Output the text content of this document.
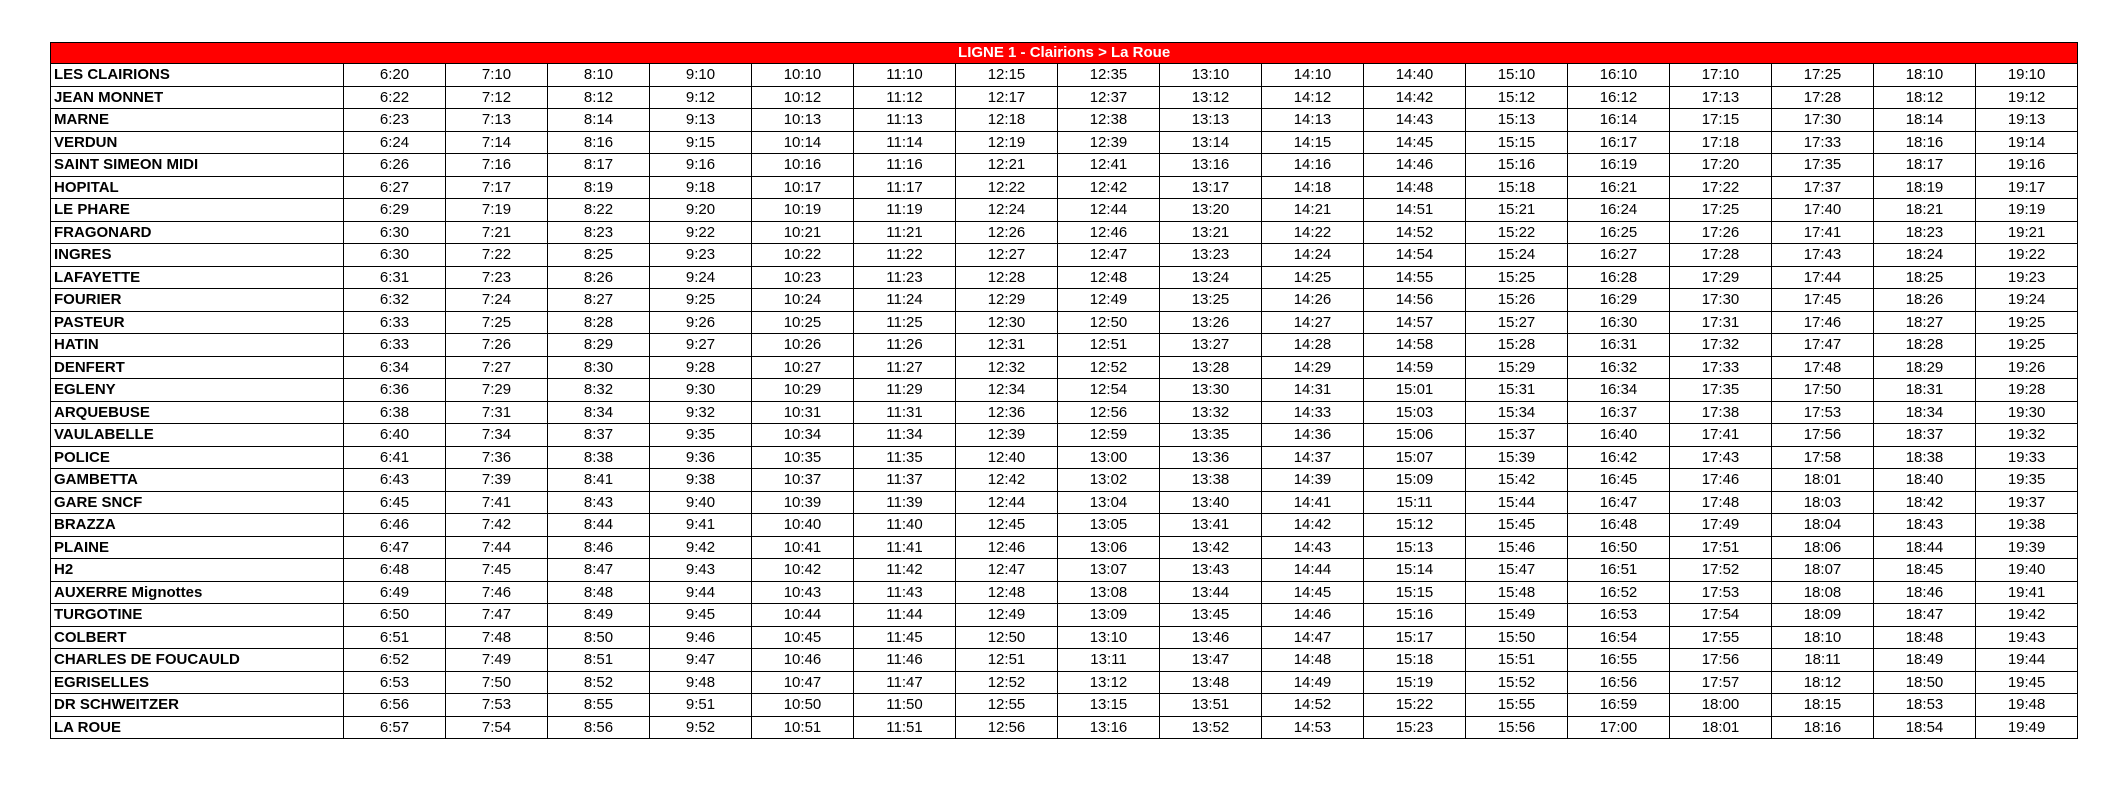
LIGNE 1 - Clairions > La Roue																	
LES CLAIRIONS	6:20	7:10	8:10	9:10	10:10	11:10	12:15	12:35	13:10	14:10	14:40	15:10	16:10	17:10	17:25	18:10	19:10
JEAN MONNET	6:22	7:12	8:12	9:12	10:12	11:12	12:17	12:37	13:12	14:12	14:42	15:12	16:12	17:13	17:28	18:12	19:12
MARNE	6:23	7:13	8:14	9:13	10:13	11:13	12:18	12:38	13:13	14:13	14:43	15:13	16:14	17:15	17:30	18:14	19:13
VERDUN	6:24	7:14	8:16	9:15	10:14	11:14	12:19	12:39	13:14	14:15	14:45	15:15	16:17	17:18	17:33	18:16	19:14
SAINT SIMEON MIDI	6:26	7:16	8:17	9:16	10:16	11:16	12:21	12:41	13:16	14:16	14:46	15:16	16:19	17:20	17:35	18:17	19:16
HOPITAL	6:27	7:17	8:19	9:18	10:17	11:17	12:22	12:42	13:17	14:18	14:48	15:18	16:21	17:22	17:37	18:19	19:17
LE PHARE	6:29	7:19	8:22	9:20	10:19	11:19	12:24	12:44	13:20	14:21	14:51	15:21	16:24	17:25	17:40	18:21	19:19
FRAGONARD	6:30	7:21	8:23	9:22	10:21	11:21	12:26	12:46	13:21	14:22	14:52	15:22	16:25	17:26	17:41	18:23	19:21
INGRES	6:30	7:22	8:25	9:23	10:22	11:22	12:27	12:47	13:23	14:24	14:54	15:24	16:27	17:28	17:43	18:24	19:22
LAFAYETTE	6:31	7:23	8:26	9:24	10:23	11:23	12:28	12:48	13:24	14:25	14:55	15:25	16:28	17:29	17:44	18:25	19:23
FOURIER	6:32	7:24	8:27	9:25	10:24	11:24	12:29	12:49	13:25	14:26	14:56	15:26	16:29	17:30	17:45	18:26	19:24
PASTEUR	6:33	7:25	8:28	9:26	10:25	11:25	12:30	12:50	13:26	14:27	14:57	15:27	16:30	17:31	17:46	18:27	19:25
HATIN	6:33	7:26	8:29	9:27	10:26	11:26	12:31	12:51	13:27	14:28	14:58	15:28	16:31	17:32	17:47	18:28	19:25
DENFERT	6:34	7:27	8:30	9:28	10:27	11:27	12:32	12:52	13:28	14:29	14:59	15:29	16:32	17:33	17:48	18:29	19:26
EGLENY	6:36	7:29	8:32	9:30	10:29	11:29	12:34	12:54	13:30	14:31	15:01	15:31	16:34	17:35	17:50	18:31	19:28
ARQUEBUSE	6:38	7:31	8:34	9:32	10:31	11:31	12:36	12:56	13:32	14:33	15:03	15:34	16:37	17:38	17:53	18:34	19:30
VAULABELLE	6:40	7:34	8:37	9:35	10:34	11:34	12:39	12:59	13:35	14:36	15:06	15:37	16:40	17:41	17:56	18:37	19:32
POLICE	6:41	7:36	8:38	9:36	10:35	11:35	12:40	13:00	13:36	14:37	15:07	15:39	16:42	17:43	17:58	18:38	19:33
GAMBETTA	6:43	7:39	8:41	9:38	10:37	11:37	12:42	13:02	13:38	14:39	15:09	15:42	16:45	17:46	18:01	18:40	19:35
GARE SNCF	6:45	7:41	8:43	9:40	10:39	11:39	12:44	13:04	13:40	14:41	15:11	15:44	16:47	17:48	18:03	18:42	19:37
BRAZZA	6:46	7:42	8:44	9:41	10:40	11:40	12:45	13:05	13:41	14:42	15:12	15:45	16:48	17:49	18:04	18:43	19:38
PLAINE	6:47	7:44	8:46	9:42	10:41	11:41	12:46	13:06	13:42	14:43	15:13	15:46	16:50	17:51	18:06	18:44	19:39
H2	6:48	7:45	8:47	9:43	10:42	11:42	12:47	13:07	13:43	14:44	15:14	15:47	16:51	17:52	18:07	18:45	19:40
AUXERRE Mignottes	6:49	7:46	8:48	9:44	10:43	11:43	12:48	13:08	13:44	14:45	15:15	15:48	16:52	17:53	18:08	18:46	19:41
TURGOTINE	6:50	7:47	8:49	9:45	10:44	11:44	12:49	13:09	13:45	14:46	15:16	15:49	16:53	17:54	18:09	18:47	19:42
COLBERT	6:51	7:48	8:50	9:46	10:45	11:45	12:50	13:10	13:46	14:47	15:17	15:50	16:54	17:55	18:10	18:48	19:43
CHARLES DE FOUCAULD	6:52	7:49	8:51	9:47	10:46	11:46	12:51	13:11	13:47	14:48	15:18	15:51	16:55	17:56	18:11	18:49	19:44
EGRISELLES	6:53	7:50	8:52	9:48	10:47	11:47	12:52	13:12	13:48	14:49	15:19	15:52	16:56	17:57	18:12	18:50	19:45
DR SCHWEITZER	6:56	7:53	8:55	9:51	10:50	11:50	12:55	13:15	13:51	14:52	15:22	15:55	16:59	18:00	18:15	18:53	19:48
LA ROUE	6:57	7:54	8:56	9:52	10:51	11:51	12:56	13:16	13:52	14:53	15:23	15:56	17:00	18:01	18:16	18:54	19:49
